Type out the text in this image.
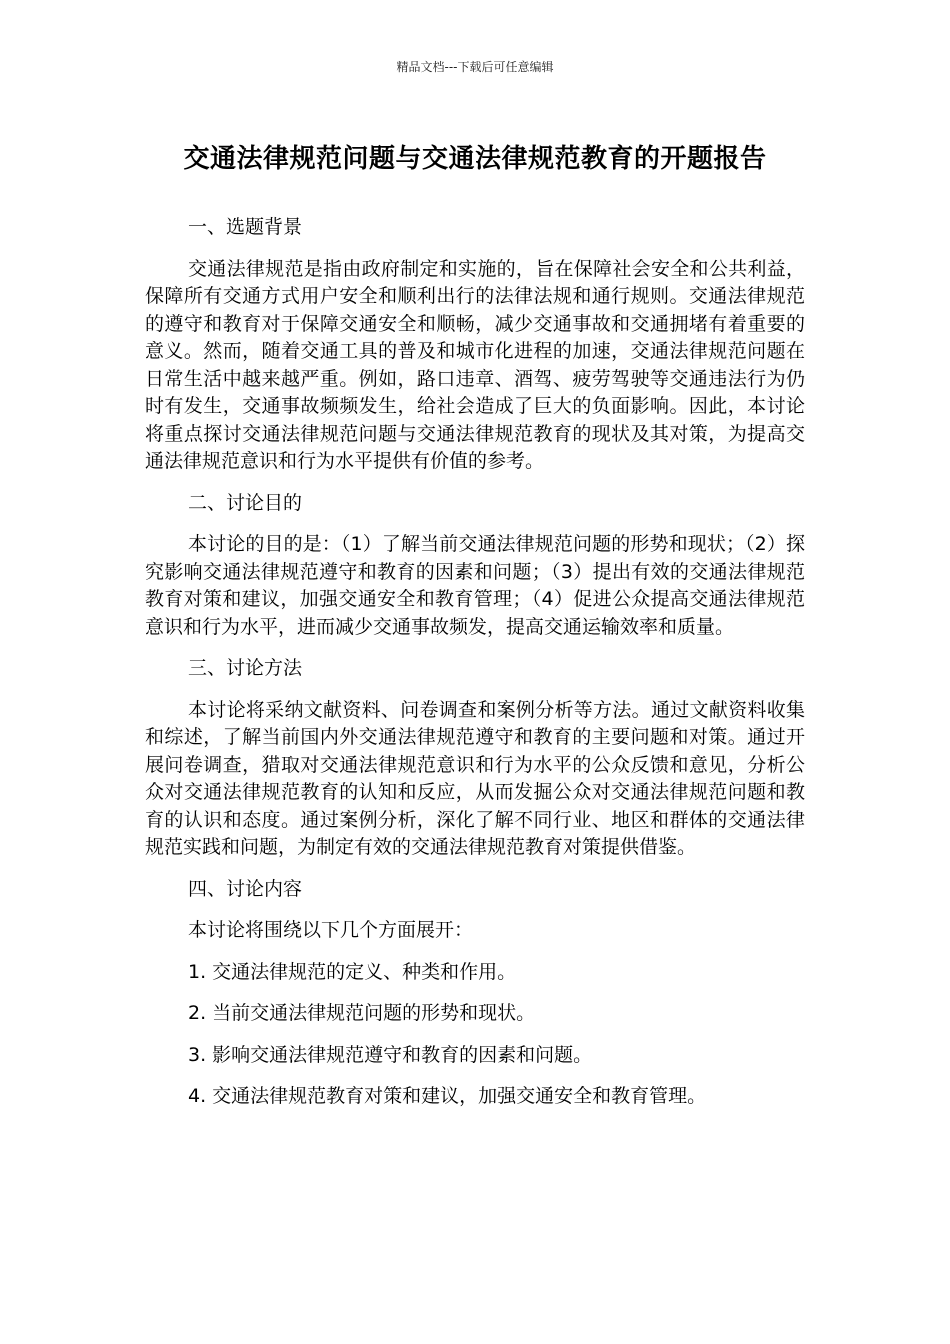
精品文档---下载后可任意编辑
交通法律规范问题与交通法律规范教育的开题报告

一、选题背景

交通法律规范是指由政府制定和实施的，旨在保障社会安全和公共利益，保障所有交通方式用户安全和顺利出行的法律法规和通行规则。交通法律规范的遵守和教育对于保障交通安全和顺畅，减少交通事故和交通拥堵有着重要的意义。然而，随着交通工具的普及和城市化进程的加速，交通法律规范问题在日常生活中越来越严重。例如，路口违章、酒驾、疲劳驾驶等交通违法行为仍时有发生，交通事故频频发生，给社会造成了巨大的负面影响。因此，本讨论将重点探讨交通法律规范问题与交通法律规范教育的现状及其对策，为提高交通法律规范意识和行为水平提供有价值的参考。

二、讨论目的

本讨论的目的是：（1）了解当前交通法律规范问题的形势和现状；（2）探究影响交通法律规范遵守和教育的因素和问题；（3）提出有效的交通法律规范教育对策和建议，加强交通安全和教育管理；（4）促进公众提高交通法律规范意识和行为水平，进而减少交通事故频发，提高交通运输效率和质量。

三、讨论方法

本讨论将采纳文献资料、问卷调查和案例分析等方法。通过文献资料收集和综述，了解当前国内外交通法律规范遵守和教育的主要问题和对策。通过开展问卷调查，猎取对交通法律规范意识和行为水平的公众反馈和意见，分析公众对交通法律规范教育的认知和反应，从而发掘公众对交通法律规范问题和教育的认识和态度。通过案例分析，深化了解不同行业、地区和群体的交通法律规范实践和问题，为制定有效的交通法律规范教育对策提供借鉴。

四、讨论内容

本讨论将围绕以下几个方面展开：

1. 交通法律规范的定义、种类和作用。

2. 当前交通法律规范问题的形势和现状。

3. 影响交通法律规范遵守和教育的因素和问题。

4. 交通法律规范教育对策和建议，加强交通安全和教育管理。
